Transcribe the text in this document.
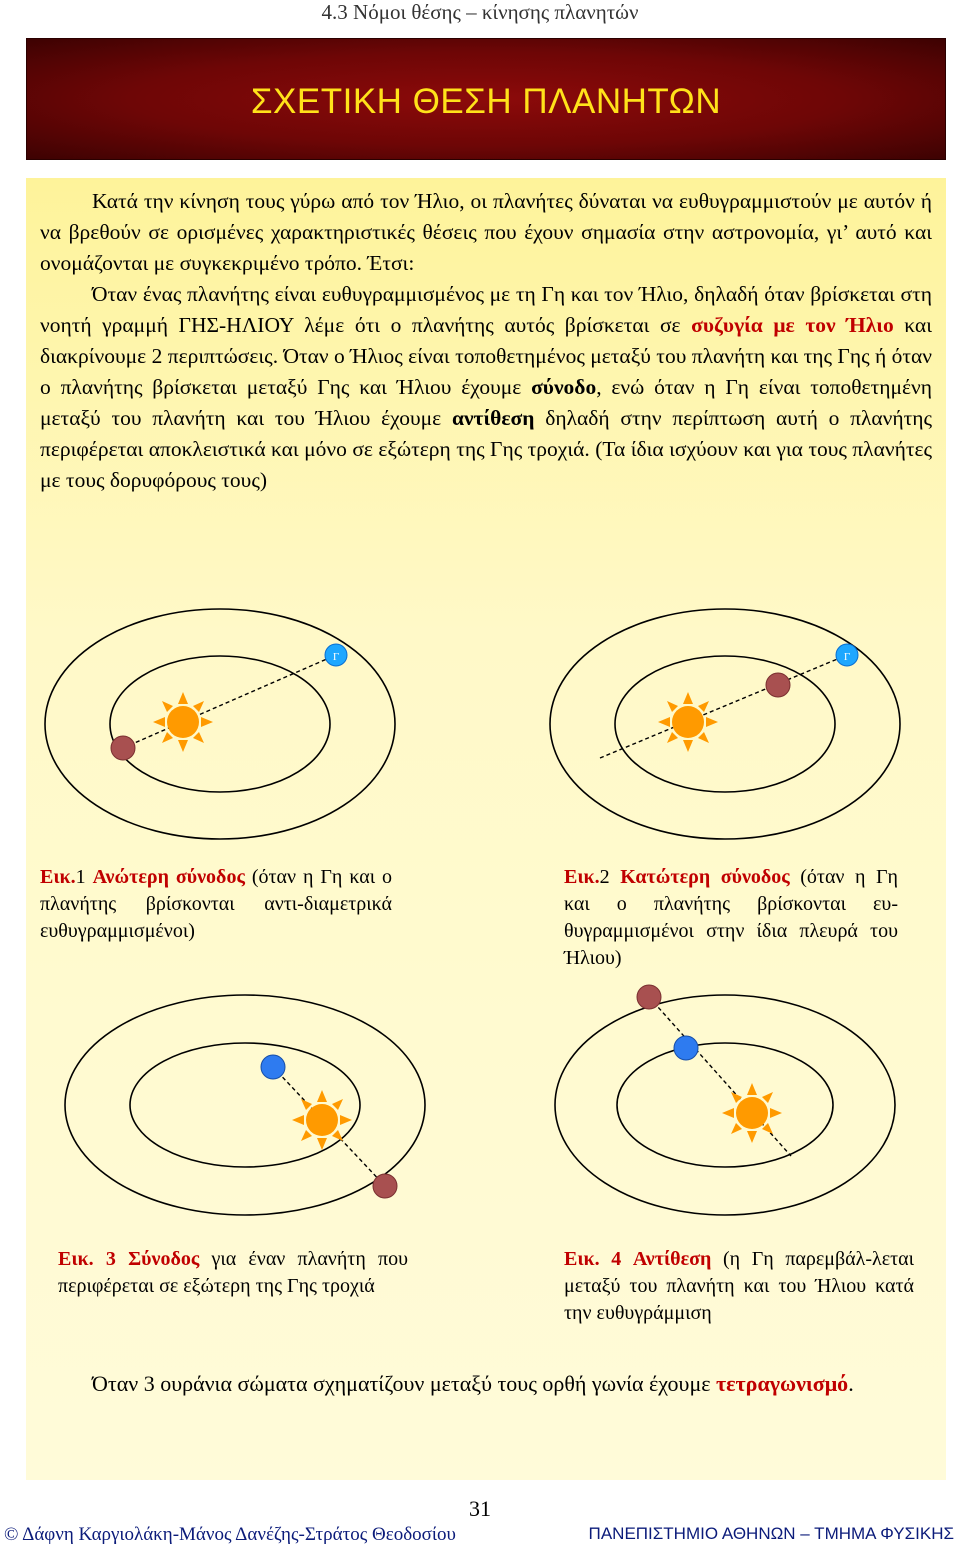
4.3 Νόμοι θέσης – κίνησης πλανητών
ΣΧΕΤΙΚΗ ΘΕΣΗ ΠΛΑΝΗΤΩΝ

Κατά την κίνηση τους γύρω από τον Ήλιο, οι πλανήτες δύναται να ευθυγραμμιστούν με αυτόν ή να βρεθούν σε ορισμένες χαρακτηριστικές θέσεις που έχουν σημασία στην αστρονομία, γι’ αυτό και ονομάζονται με συγκεκριμένο τρόπο. Έτσι:

Όταν ένας πλανήτης είναι ευθυγραμμισμένος με τη Γη και τον Ήλιο, δηλαδή όταν βρίσκεται στη νοητή γραμμή ΓΗΣ-ΗΛΙΟΥ λέμε ότι ο πλανήτης αυτός βρίσκεται σε συζυγία με τον Ήλιο και διακρίνουμε 2 περιπτώσεις. Όταν ο Ήλιος είναι τοποθετημένος μεταξύ του πλανήτη και της Γης ή όταν ο πλανήτης βρίσκεται μεταξύ Γης και Ήλιου έχουμε σύνοδο, ενώ όταν η Γη είναι τοποθετημένη μεταξύ του πλανήτη και του Ήλιου έχουμε αντίθεση δηλαδή στην περίπτωση αυτή ο πλανήτης περιφέρεται αποκλειστικά και μόνο σε εξώτερη της Γης τροχιά. (Τα ίδια ισχύουν και για τους πλανήτες με τους δορυφόρους τους)

Γ	Γ
Εικ.1 Ανώτερη σύνοδος (όταν η Γη και ο πλανήτης βρίσκονται αντι-διαμετρικά ευθυγραμμισμένοι)
Εικ.2 Κατώτερη σύνοδος (όταν η Γη και ο πλανήτης βρίσκονται ευ-θυγραμμισμένοι στην ίδια πλευρά του Ήλιου)
Εικ. 3 Σύνοδος για έναν πλανήτη που περιφέρεται σε εξώτερη της Γης τροχιά
Εικ. 4 Αντίθεση (η Γη παρεμβάλ-λεται μεταξύ του πλανήτη και του Ήλιου κατά την ευθυγράμμιση

Όταν 3 ουράνια σώματα σχηματίζουν μεταξύ τους ορθή γωνία έχουμε τετραγωνισμό.

31
© Δάφνη Καργιολάκη-Μάνος Δανέζης-Στράτος Θεοδοσίου	ΠΑΝΕΠΙΣΤΗΜΙΟ ΑΘΗΝΩΝ – ΤΜΗΜΑ ΦΥΣΙΚΗΣ
